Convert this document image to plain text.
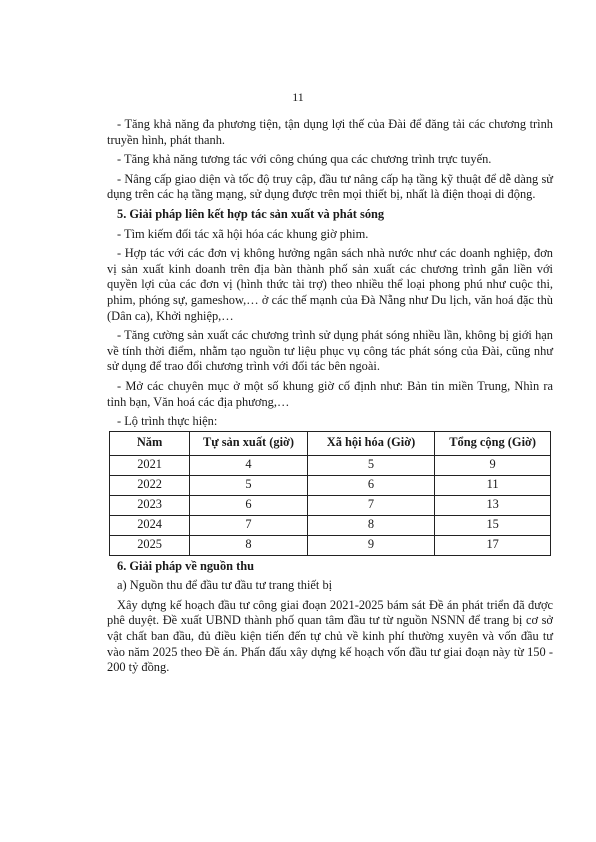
11

- Tăng khả năng đa phương tiện, tận dụng lợi thế của Đài để đăng tải các chương trình truyền hình, phát thanh.

- Tăng khả năng tương tác với công chúng qua các chương trình trực tuyến.

- Nâng cấp giao diện và tốc độ truy cập, đầu tư nâng cấp hạ tầng kỹ thuật để dễ dàng sử dụng trên các hạ tầng mạng, sử dụng được trên mọi thiết bị, nhất là điện thoại di động.

5. Giải pháp liên kết hợp tác sản xuất và phát sóng

- Tìm kiếm đối tác xã hội hóa các khung giờ phim.

- Hợp tác với các đơn vị không hưởng ngân sách nhà nước như các doanh nghiệp, đơn vị sản xuất kinh doanh trên địa bàn thành phố sản xuất các chương trình gắn liền với quyền lợi của các đơn vị (hình thức tài trợ) theo nhiều thể loại phong phú như cuộc thi, phim, phóng sự, gameshow,… ở các thế mạnh của Đà Nẵng như Du lịch, văn hoá đặc thù (Dân ca), Khởi nghiệp,…

- Tăng cường sản xuất các chương trình sử dụng phát sóng nhiều lần, không bị giới hạn về tính thời điểm, nhằm tạo nguồn tư liệu phục vụ công tác phát sóng của Đài, cũng như sử dụng để trao đổi chương trình với đối tác bên ngoài.

- Mở các chuyên mục ở một số khung giờ cố định như: Bản tin miền Trung, Nhìn ra tỉnh bạn, Văn hoá các địa phương,…

- Lộ trình thực hiện:

Năm	Tự sản xuất (giờ)	Xã hội hóa (Giờ)	Tổng cộng (Giờ)
2021	4	5	9
2022	5	6	11
2023	6	7	13
2024	7	8	15
2025	8	9	17

6. Giải pháp về nguồn thu

a) Nguồn thu để đầu tư đầu tư trang thiết bị

Xây dựng kế hoạch đầu tư công giai đoạn 2021-2025 bám sát Đề án phát triển đã được phê duyệt. Đề xuất UBND thành phố quan tâm đầu tư từ nguồn NSNN để trang bị cơ sở vật chất ban đầu, đủ điều kiện tiến đến tự chủ về kinh phí thường xuyên và vốn đầu tư vào năm 2025 theo Đề án. Phấn đấu xây dựng kế hoạch vốn đầu tư giai đoạn này từ 150 - 200 tỷ đồng.
